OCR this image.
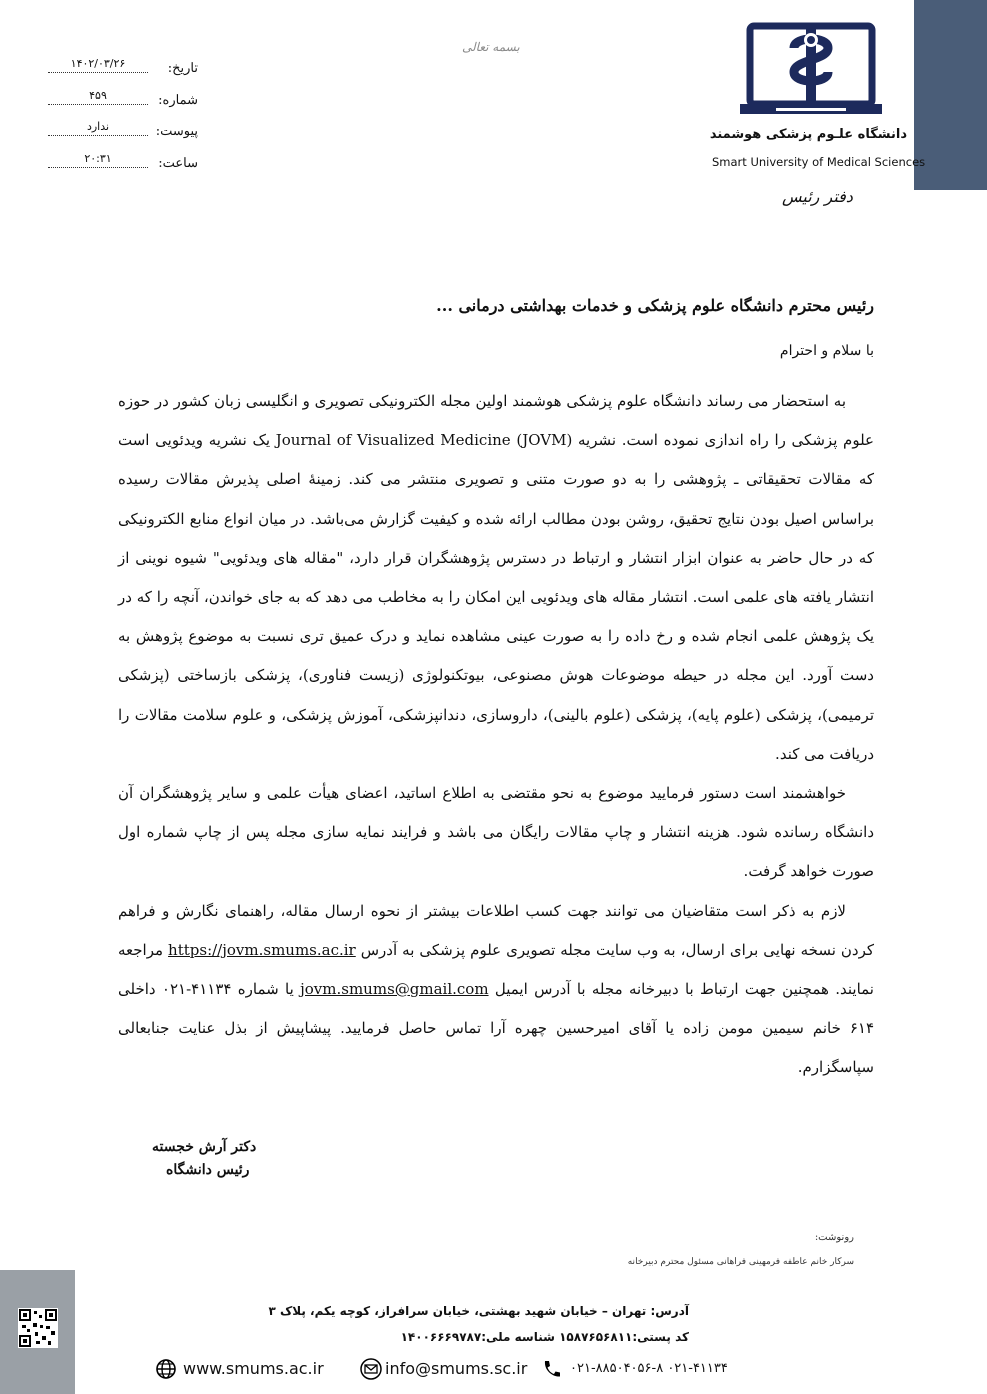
تاریخ:
۱۴۰۲/۰۳/۲۶
شماره:
۴۵۹
پیوست:
ندارد
ساعت:
۲۰:۳۱
بسمه تعالی
دانشگاه علـوم پزشکی هوشمند
Smart University of Medical Sciences
دفتر رئیس
رئیس محترم دانشگاه علوم پزشکی و خدمات بهداشتی درمانی ...
با سلام و احترام

به استحضار می رساند دانشگاه علوم پزشکی هوشمند اولین مجله الکترونیکی تصویری و انگلیسی زبان کشور در حوزه علوم پزشکی را راه اندازی نموده است. نشریه Journal of Visualized Medicine (JOVM) یک نشریه ویدئویی است که مقالات تحقیقاتی ـ پژوهشی را به دو صورت متنی و تصویری منتشر می کند. زمینهٔ اصلی پذیرش مقالات رسیده براساس اصیل بودن نتایج تحقیق، روشن بودن مطالب ارائه شده و کیفیت گزارش می‌باشد. در میان انواع منابع الکترونیکی که در حال حاضر به عنوان ابزار انتشار و ارتباط در دسترس پژوهشگران قرار دارد، "مقاله های ویدئویی" شیوه نوینی از انتشار یافته های علمی است. انتشار مقاله های ویدئویی این امکان را به مخاطب می دهد که به جای خواندن، آنچه را که در یک پژوهش علمی انجام شده و رخ داده را به صورت عینی مشاهده نماید و درک عمیق تری نسبت به موضوع پژوهش به دست آورد. این مجله در حیطه موضوعات هوش مصنوعی، بیوتکنولوژی (زیست فناوری)، پزشکی بازساختی (پزشکی ترمیمی)، پزشکی (علوم پایه)، پزشکی (علوم بالینی)، داروسازی، دندانپزشکی، آموزش پزشکی، و علوم سلامت مقالات را دریافت می کند.

خواهشمند است دستور فرمایید موضوع به نحو مقتضی به اطلاع اساتید، اعضای هیأت علمی و سایر پژوهشگران آن دانشگاه رسانده شود. هزینه انتشار و چاپ مقالات رایگان می باشد و فرایند نمایه سازی مجله پس از چاپ شماره اول صورت خواهد گرفت.

لازم به ذکر است متقاضیان می توانند جهت کسب اطلاعات بیشتر از نحوه ارسال مقاله، راهنمای نگارش و فراهم کردن نسخه نهایی برای ارسال، به وب سایت مجله تصویری علوم پزشکی به آدرس https://jovm.smums.ac.ir مراجعه نمایند. همچنین جهت ارتباط با دبیرخانه مجله با آدرس ایمیل jovm.smums@gmail.com یا شماره ۴۱۱۳۴-۰۲۱ داخلی ۶۱۴ خانم سیمین مومن زاده یا آقای امیرحسین چهره آرا تماس حاصل فرمایید. پیشاپیش از بذل عنایت جنابعالی سپاسگزارم.

دکتر آرش خجسته
رئیس دانشگاه
رونوشت:
سرکار خانم عاطفه فرمهینی فراهانی مسئول محترم دبیرخانه
آدرس: تهران – خیابان شهید بهشتی، خیابان سرافراز، کوچه یکم، پلاک ۳
کد پستی:۱۵۸۷۶۵۶۸۱۱ شناسه ملی:۱۴۰۰۶۶۶۹۷۸۷
www.smums.ac.ir	info@smums.sc.ir	۰۲۱-۴۱۱۳۴ ۰۲۱-۸۸۵۰۴۰۵۶-۸
